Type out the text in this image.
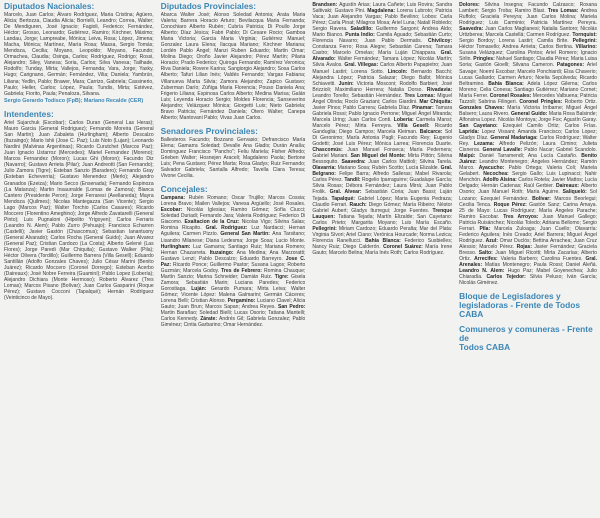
Diputados Nacionales:

Marcelo, Juan Carlos; Álvaro Rodríguez, Maria Cristina; Agüero, Alicia; Bertozza, Claudia Alicia; Borrielli, Leandro; Correa, Walter; De Mendiguren, José Ignacio; Fagioli, Federico; Fernández, Héctor; Grosso, Leonardo; Gutiérrez, Ramiro; Kirchner, Máximo; Landau, Jorge; Lampreabe, Mónica; Leiva, Rosa; López, Jimena; Macha, Mónica; Martínez, María Rosa; Massa, Sergio Tomás; Mendoza, Cecilia; Moyano, Leopoldo; Moyano, Facundo; Ormachea, Claudia; Osinga, Carlos; Rodríguez, Rodrigo; Rossi, Alejandro; Siley, Vanesa; Soria, Carlos; Silva Vanesa; Tailhade, Rodolfo; Tunday, Mirta; Vallejos, Fernanda; Vara, Jorge; Yasky, Hugo; Carignano, Germán; Fernández, Vilia; Daniela; Yambrún, Liliana; Yedlin, Pablo; Brawer, Mara; Carrizo, Gabriela; Cassinerio, Paulo; Heller, Carlos; López, Paula; Tundis, Mirta; Estévez, Gabriela; Fiorito, Paula; Penaloza, Silvana.

Sergio Gerardo Todisco (FpB); Mariano Recalde (CER)

Intendentes:

Ariel Sujarchuk (Escobar); Carlos Duran (General Las Heras); Mauro Garcia (General Rodriguez); Fernando Moreira (General San Martin); Juan Zabaleta (Hurlingham); Alberto Descalzo (Ituzaingo); Mario Ishii (Jose C. Paz); Luis Noto (Lujan); Leonardo Nardini (Malvinas Argentinas); Ricardo Curutchet (Marcos Paz); Juan Ignacio Ustarroz (Mercedes); Mariel Fernandez (Moreno); Marcos Fernandez (Moron); Lucas Ghi (Moron); Facundo Diz (Navarro); Gustavo Arrieta (Pilar); Juan Andreotti (San Fernando); Julio Zamora (Tigre); Esteban Sanzio (Baradero); Fernando Gray (Esteban Echeverria); Gustavo Menendez (Merlo); Alejandro Granados (Ezeiza); Mario Secco (Ensenada); Fernando Espinoza (La Matanza); Martin Insaurralde (Lomas de Zamora); Blanca Cantero (Presidente Peron); Jorge Ferraresi (Avellaneda); Mayra Mendoza (Quilmes); Nicolas Mantegazza (San Vicente); Sergio Lago (Marcos Paz); Walter Torchio (Carlos Casares); Ricardo Moccero (Florentino Ameghino); Jorge Alfredo Zavatarelli (General Pinto); Luis Pugnaloni (Hipolito Yrigoyen); Carlos Ferraris (Leandro N. Alem); Pablo Zurro (Pehuajo); Francisco Echarren (Castelli); Javier Gastón (Chascomus); Sebastian Ianantuony (General Alvarado); Carlos Rocha (General Guido); Juan Alvarez (General Paz); Cristian Cardozo (La Costa); Alberto Gelené (Las Flores); Jorge Paredi (Mar Chiquita); Gustavo Walker (Pila); Héctor Olivera (Tordillo); Guillermo Barrera (Villa Gesell); Eduardo Santillán (Adolfo Gonzales Chaves); Julio César Marini (Benito Juárez); Ricardo Moccero (Coronel Dorrego); Esteban Acerbo (Daireaux); José Nobre Ferreira (Guaminí); Pablo Lopez (Lobería); Alejandro Dichiara (Monte Hermoso); Roberto Álvarez (Tres Lomas); Marcos Pisano (Bolívar); Juan Carlos Gasparini (Roque Pérez); Gustavo Cocconi (Tapalqué); Hernán Rodríguez (Veinticinco de Mayo).

Diputados Provinciales:

Abarca Walter José; Alonso Soledad Antonia; Arata Maria Valeria; Barrera Horacio Arturo; Bevilacqua Maria Fernanda; Conochiaro Alberto Rubén; Cubría Patricia; Di Poullo Jorge Alberto; Díaz Jésica; Fabri Pablo; Di Cesare Rocio; Gamboa Maria Victoria; Garcia Maria Virginia; Gutiérrez Manuel; Gonzalez Laura Elena; Ilacqua Mariano; Kirchner Mariana; Lordén Pablo Ángel; Manzi Ruben Eduardo; Martin Omar; Molina Diego; Oroño Javier Alejandro; Pérez Martín; Pilaria Horacio; Prado Federico; Quiroga Fernando; Ramírez Veronica; Riva Daniela; Rovere Karina; Sangiorgio Alejandro; Sosa Carlos Alberto; Tafuri Lilian Inés; Valdés Fernando; Vargas Fabiana; Villanueva Marta Silvia; Zamora Alejandro; Zapico Gustavo; Zuberman Darío; Zúñiga Maria Florencia; Pouso Daniela Ana; Frigerio Liliana; Espinosa Carlos Alberto; Medina Marisa; Galán Luis; Leyenda Horacio Sergio; Moldes Florencia; Sanseverino Alejandro; Velázquez Mónica; Giorgetti Luis; Nieto Gabriela; Bravo Patricia; Fernández Daniela; Otero Walter; Canepa Alberto; Mantovani Pablo; Vivas Juan Carlos.

Senadores Provinciales:

Ballesteros Facundo; Bozzano Gervasio; Defrancisco María Elena; Gamarra Soledad; Devalle Ana Gladis; Durán Analía; Dominguez Francisco "Pancho"; Feliu Mariela; Fisher Alfredo; Grieben Walter; Hosnejen Araceli; Magdaleno Paola; Bertone Luis; Pena Gustavo; Pérez Marta; Rosa Gladys; Ruiz Fernando; Salvador Gabriela; Santalla Alfredo; Tavella Clara Teresa; Vivone Cecilia.

Concejales:

Campana: Rubén Romano; Oscar Trujillo; Marcos Cossia; Lorena Bravo; Mailen Vallejos; Vanesa Argüello; José Rosales. Escobar: Nicolás Iglesias; Ramiro Gómez; Sofía Ciucci; Soledad Duriadi; Fernando Jara; Valeria Rodriguez; Federico Di Giacomo. Exaltacion de la Cruz: Nicolas Vigo; Silvina Salas; Romina Ricapito. Gral. Rodriguez: Luz Nardacci; Hernan Aguilera; Carmen Pizzio. General San Martin: Ana Tarsitano; Lisandro Milanese; Diana Ledesma; Jorge Sosa; Lucio Monte. Hurlingham: Luz Gamarra; Santiago Ruiz; Mariana Romero; Hernan Chazarreta. Ituzaingo: Ana Medina; Ana Marzoratti; Gustavo Lenzi; Pablo Descalzo; Eduardo Barreyro. Jose C. Paz: Ricardo Ponce; Guillermo Pastor; Susana Lagos; Roberto Guzmán; Marcela Godoy. Tres de Febrero: Romina Chauque; Martín Sanzio; Marina Schneider; Damián Ruiz. Tigre: Gisela Zamora; Sebastián Marin; Luciana Paredes; Federico Gorostiaga. Luján: Gerardo Pumara; Mirta Leiva; Walter Gómez; Vicente López: Malena Galmarini; Germán Cáceres; Lorena Belli; Cristian Alonso. Pergamino: Luciano Clavel; Alicia Gauto; Juan Brun; Marcos Sapan; Andrea Reyes. San Pedro: Martin Barañao; Soledad Bielli; Lucas Osorio; Tatiana Mantelli; Carlos Kennedy. Zárate: Andrés Gil; Gabriela Gonzalez; Pablo Giménez; Cintia Garbarino; Omar Hernández.

Brandsen: Agustín Arias; Laura Cañete; Luis Rovira; Sandra Saltivaki; Gustavo Pini. Magdalena: Lorena Lubroto; Patricia Vaca; Juan Alejandro Vargas; Pablo Bevilino; Lobos: Carla Pérez; Carla Pinat; Milagros Mosa; Ariel Luna; Natalí Robledo; Sergio Ravera. Saladillo: Guillermo Sargoni; Andrea Aldo; Mario Bianco. Punta Indio: Camila Aguado; Sebastián Curto; Florencia Navarro; Juan Pablo Dermatis. Chivilcoy: Constanza Ferro; Rosa Alegre; Sebastián Carena; Tamara Castro; Marcelo Ornelas; María Luján Chiappara. Gral. Alvarado: Walter Fernández; Tamara López; Nicolás Martín; Silvia Ávalos. Gral. Villegas: Carlos Alberto Papapietro; Juan Manuel Lastiri; Lorena Sotto. Lincoln: Bernardo Bacchi; Alejandra López; Patricia Salazar; Diego Balbi; Mónica Schiavetti. Junín: Victoria Mosconi; Rodolfo Barbieri; José Brizzioli; Maximiliano Herrera; Natalia Dorso. Rivadavia: Leandro Torello; Sebastián Hernández. Tres Lomas: Miguel Ángel Olinda; Rocío Graziani; Carlos Giardini. Mar Chiquita: Javier Pinos; Pablo Carrera; Gabriela Díaz. Pinamar: Tamara Gabriela Rossi; Pablo Ignacio Perrone; Miguel Ángel Miranda; Marcela Uring; Juan Carlos Conti. Lobería: Carmela Mansi; Marcelo Pérez; Mirta Ferreyra. Villa Gesell: Ricardo Ganduglia; Diego Campos; Marcela Kleiman. Balcarce: Sol Di Geronimo; María Antonia Pagli; Facundo Rey; Eugenio Godetti; José Luis Pérez; Mónica Larrea; Florencia Duarte. Chascomús: Juan Manuel Fonseca; María Pedernera; Gabriel Mariani. San Miguel del Monte: Mirta Pittón; Silvina Bessoquito. Saavedra: Juan Carlos Mattioli; Silvina Tarela. Olavarría: Mariano Sosa; Rubén Scotto; Lucía Elizalde. Gral. Belgrano: Felipe Barra; Alfredo Salleras; Mabel Rivarola; Carlos Pérez. Tandil: Rogelio Iparraguirre; Guadalupe García; Silvia Rosas; Débora Fernández; Laura Mirrá; Juan Pablo Frolik. Gral. Alvear: Sebastián Coria; Juan Bassi; Luján Tejada. Tapalqué: Gabriel López; Maria Eugenia Pedraza; Claudio Ferrari. Rauch: Diego Gómez; María Ribeiro; Néstor Gabriel Aubert; Gladys Iturregui; Jorge Fuentes. Trenque Lauquen: Tatiana Tejada; Martín Elizalde; San Cayetano: Carlos Prieto; Margarita Moyano; Luis María Escaño. Pellegrini: Miriam Cardozo; Eduardo Peralta; Mar del Plata: Virginia Sívori; Ariel Ciano; Verónica Hourcade; Norma Lezica; Florencia Ranellucci. Bahía Blanca: Federico Susbielles; Nancy Ruiz; Diego Calderón. Coronel Suárez: María Irene Gauto; Marcelo Belina; María Inés Roth; Carlos Rodríguez.

Dolores: Silvina Insegna; Facundo Calzasco; Roxana Lambert; Sergio Troba; Ramiro Blasi. Tres Lomas: Andrea Ruffolo; Graciela Pereyra; Juan Carlos Molina; Mariela Rodríguez; Luis Carminio; Patricia Martínez Pereyra. Saavedra: Juan Carlos Maglianesi; Natalia Santoro; Nicolás Urtizberea; Marcela Castellá; Carmen Rodríguez. Tornquist: Sergio Bordoy; Lorena Lastiri; Camila Brite. Pellegrini: Héctor Tomasello; Andrea Arrieta; Carlos Bertina. Villarino: Susana Velázquez; Carolina Pintos; Ariel Romero; Ignacio Sirlin. Pringles: Nahuel Santiago; Claudia Pérez; Maria Luisa Soria; Gastón Gioelli; Silvana Cameron. Patagones: Ariel Savage; Noemí Escobar; Marcelo Ponchiardi; Elsa Chaverio; Lucas Gallardo; Carmen Arturo; Noelia Sepúlveda; Ricardo Beltramino. Bahía Blanca: Adela López Gilerna; Carlos Moreno; Celia Conesa; Santiago Gutiérrez; Mariano Cornet; María Ferrer. Coronel Rosales: Mercedes Valbuena; Patricia Tazzoli; Sabrina Filingeri. Coronel Pringles: Roberto Ortiz. Gonzales Chaves: María Victoria Irribarne; Miguel Ángel Balsero; Laura Rivero. General Guido: Maria Rosa Balsinde; Alfonsina Lopez. Nicolás Montoya; Jorge Fox; Agustín Garay. San Cayetano: Ezequiel Camilo Ortiz; Carlos Frías. Laprida: Lopez Vissani; Amanda Francisco; Carlos Lopez; Gladys Díaz. General Madariaga: Carlos Rodríguez; Walter Rey. Lezama: Alfredo Pelizón; Laura Cimino; Julieta Cisneros. General Lavalle: Pablo Nacar; Gabriel Scandolo. Maipú: Daniel Tarramendi; Ana Lucía Castaño. Benito Juárez: Leandro Montenegro; Ángeles Hernández; Ramón Marco. Ayacucho: Pablo Ortega; Valeria Coli; Mariela Gelabert. Necochea: Sergio Gallo; Luis Lupinacci; Nahir Menchón. Adolfo Alsina: Carlos Rotela; Javier Mattos; Lucía Delgado; Hernán Cadenas; Raúl Gerbier. Daireaux: Alberto Osorio; Juan Manuel Roth; María Aguirre. Saliqueló: Sol Lozano; Ezequiel Fernández. Bolívar: Marcos Beorlegui; Cecilia Tenca. Roque Pérez: Gastón Sanz; Carina Amaya. 25 de Mayo: Lucas Rodríguez; María Ángeles Parache; Ramiro Escobar. Tres Arroyos: Juan Manuel Gallego; Patricia Ruisánchez; Nicolás Toledo; Adriana Bellomo; Sergio Ferrari. Pila: Marcela Zuloaga; Juan Cuello; Olavarría: Federico Aguilera; Inés Creado; Ariel Barrera; Miguel Ángel Rodríguez. Azul: Omar Duclós; Bettina Arrachea; Juan Cruz Alessio; Marcelo Pérez. Rojas: Javier Fernández; Graciela Bresso. Salto: Juan Miguel Ricotti; Mirta Zacarías; Alberto Ortiz. Arrecifes: Valeria Barbero; Carolina Fuentes. Gral. Arenales: Matías Montenegro; Paula Rossi; Daniel Aleñá. Leandro N. Alem: Hugo Paz; Mabel Goyenechea; Julio Chiaradía. Carlos Tejedor: Silvia Peluso; Iván García; Nicolás Giménez.

Bloque de Legisladores y
legisladoras - Frente de Todos CABA
Comuneros y comuneras - Frente de
Todos CABA
